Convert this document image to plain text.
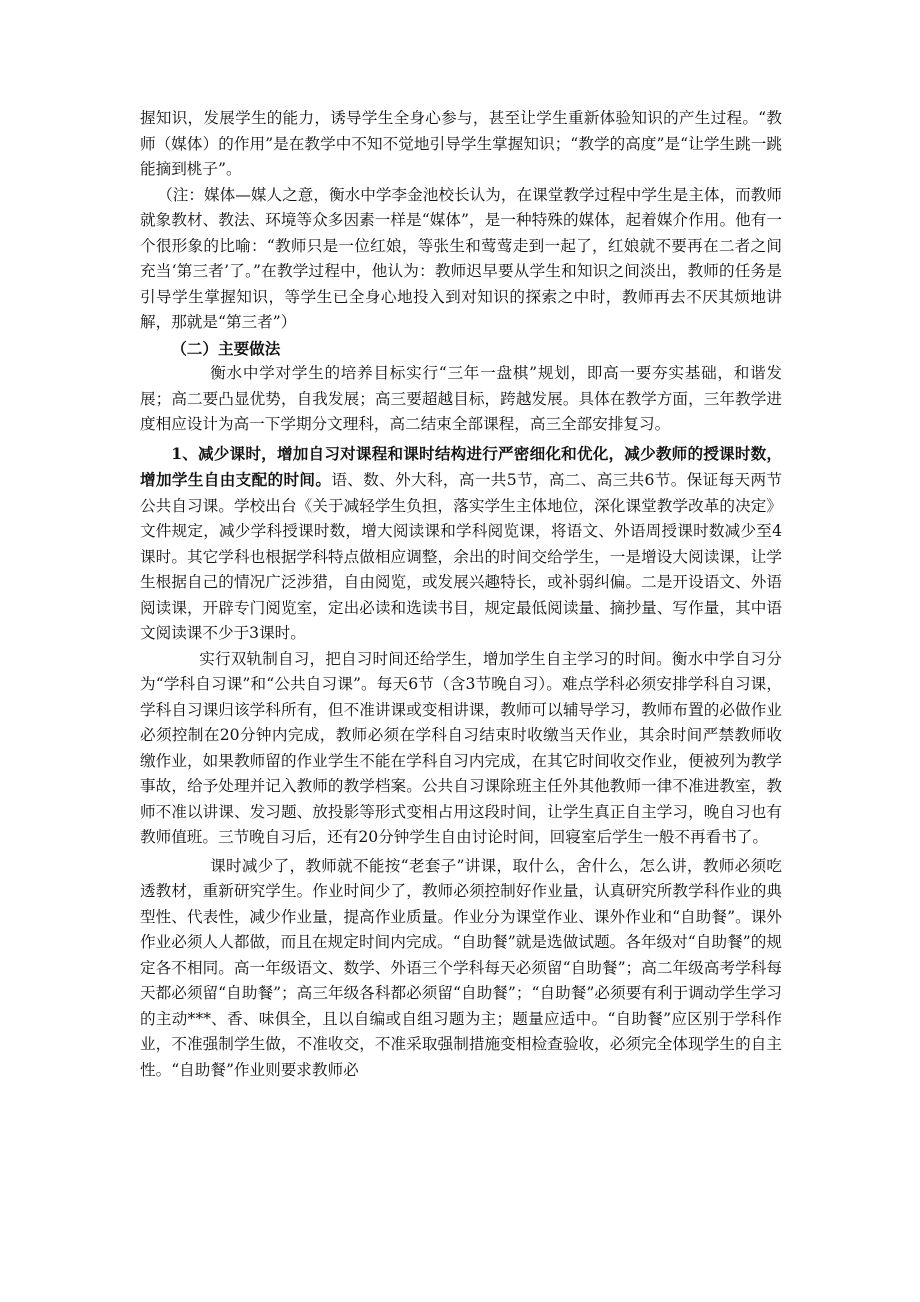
握知识，发展学生的能力，诱导学生全身心参与，甚至让学生重新体验知识的产生过程。“教师（媒体）的作用”是在教学中不知不觉地引导学生掌握知识；“教学的高度”是“让学生跳一跳能摘到桃子”。

（注：媒体—媒人之意，衡水中学李金池校长认为，在课堂教学过程中学生是主体，而教师就象教材、教法、环境等众多因素一样是“媒体”，是一种特殊的媒体，起着媒介作用。他有一个很形象的比喻：“教师只是一位红娘，等张生和莺莺走到一起了，红娘就不要再在二者之间充当‘第三者’了。”在教学过程中，他认为：教师迟早要从学生和知识之间淡出，教师的任务是引导学生掌握知识，等学生已全身心地投入到对知识的探索之中时，教师再去不厌其烦地讲解，那就是“第三者”）

（二）主要做法

衡水中学对学生的培养目标实行“三年一盘棋”规划，即高一要夯实基础，和谐发展；高二要凸显优势，自我发展；高三要超越目标，跨越发展。具体在教学方面，三年教学进度相应设计为高一下学期分文理科，高二结束全部课程，高三全部安排复习。

1、减少课时，增加自习对课程和课时结构进行严密细化和优化，减少教师的授课时数，增加学生自由支配的时间。语、数、外大科，高一共5节，高二、高三共6节。保证每天两节公共自习课。学校出台《关于减轻学生负担，落实学生主体地位，深化课堂教学改革的决定》文件规定，减少学科授课时数，增大阅读课和学科阅览课，将语文、外语周授课时数减少至4课时。其它学科也根据学科特点做相应调整，余出的时间交给学生，一是增设大阅读课，让学生根据自己的情况广泛涉猎，自由阅览，或发展兴趣特长，或补弱纠偏。二是开设语文、外语阅读课，开辟专门阅览室，定出必读和选读书目，规定最低阅读量、摘抄量、写作量，其中语文阅读课不少于3课时。

实行双轨制自习，把自习时间还给学生，增加学生自主学习的时间。衡水中学自习分为“学科自习课”和“公共自习课”。每天6节（含3节晚自习）。难点学科必须安排学科自习课，学科自习课归该学科所有，但不准讲课或变相讲课，教师可以辅导学习，教师布置的必做作业必须控制在20分钟内完成，教师必须在学科自习结束时收缴当天作业，其余时间严禁教师收缴作业，如果教师留的作业学生不能在学科自习内完成，在其它时间收交作业，便被列为教学事故，给予处理并记入教师的教学档案。公共自习课除班主任外其他教师一律不准进教室，教师不准以讲课、发习题、放投影等形式变相占用这段时间，让学生真正自主学习，晚自习也有教师值班。三节晚自习后，还有20分钟学生自由讨论时间，回寝室后学生一般不再看书了。

课时减少了，教师就不能按“老套子”讲课，取什么，舍什么，怎么讲，教师必须吃透教材，重新研究学生。作业时间少了，教师必须控制好作业量，认真研究所教学科作业的典型性、代表性，减少作业量，提高作业质量。作业分为课堂作业、课外作业和“自助餐”。课外作业必须人人都做，而且在规定时间内完成。“自助餐”就是选做试题。各年级对“自助餐”的规定各不相同。高一年级语文、数学、外语三个学科每天必须留“自助餐”；高二年级高考学科每天都必须留“自助餐”；高三年级各科都必须留“自助餐”；“自助餐”必须要有利于调动学生学习的主动***、香、味俱全，且以自编或自组习题为主；题量应适中。“自助餐”应区别于学科作业，不准强制学生做，不准收交，不准采取强制措施变相检查验收，必须完全体现学生的自主性。“自助餐”作业则要求教师必
